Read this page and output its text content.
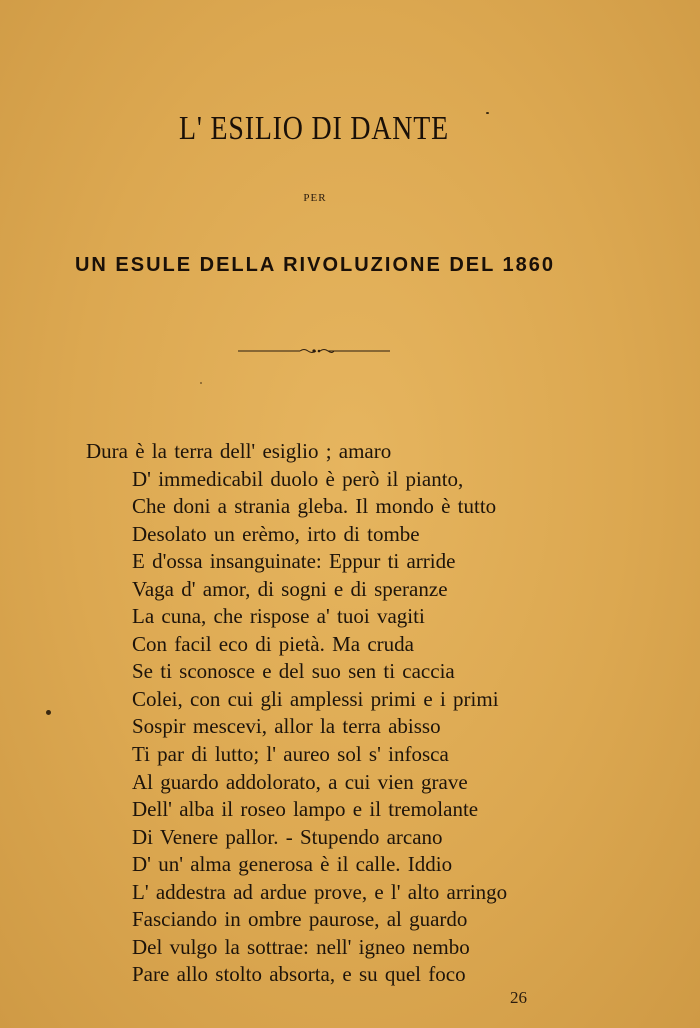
L' ESILIO DI DANTE
PER
UN ESULE DELLA RIVOLUZIONE DEL 1860
Dura è la terra dell' esiglio ; amaro
D' immedicabil duolo è però il pianto,
Che doni a strania gleba. Il mondo è tutto
Desolato un erèmo, irto di tombe
E d'ossa insanguinate: Eppur ti arride
Vaga d' amor, di sogni e di speranze
La cuna, che rispose a' tuoi vagiti
Con facil eco di pietà. Ma cruda
Se ti sconosce e del suo sen ti caccia
Colei, con cui gli amplessi primi e i primi
Sospir mescevi, allor la terra abisso
Ti par di lutto; l' aureo sol s' infosca
Al guardo addolorato, a cui vien grave
Dell' alba il roseo lampo e il tremolante
Di Venere pallor. - Stupendo arcano
D' un' alma generosa è il calle. Iddio
L' addestra ad ardue prove, e l' alto arringo
Fasciando in ombre paurose, al guardo
Del vulgo la sottrae: nell' igneo nembo
Pare allo stolto absorta, e su quel foco
26
